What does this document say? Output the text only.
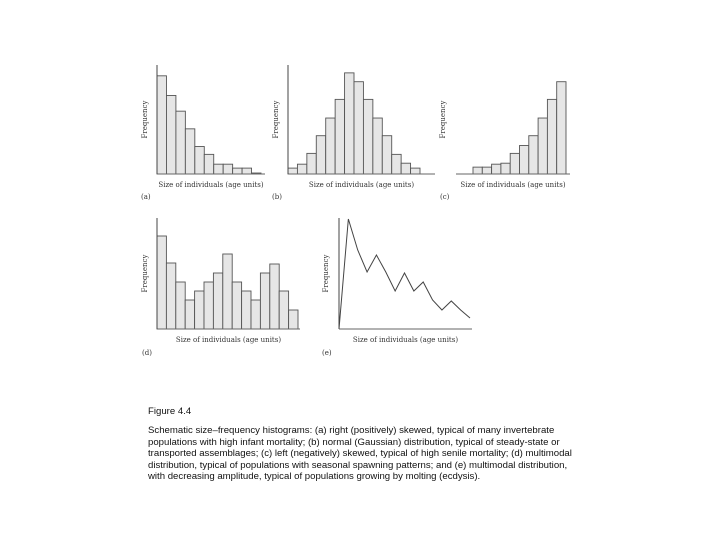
Size of individuals (age units)
Frequency
(a)
Size of individuals (age units)
Frequency
(b)
Size of individuals (age units)
Frequency
(c)
Size of individuals (age units)
Frequency
(d)
Size of individuals (age units)
Frequency
(e)
Figure 4.4
Schematic size–frequency histograms: (a) right (positively) skewed, typical of many invertebrate populations with high infant mortality; (b) normal (Gaussian) distribution, typical of steady-state or transported assemblages; (c) left (negatively) skewed, typical of high senile mortality; (d) multimodal distribution, typical of populations with seasonal spawning patterns; and (e) multimodal distribution, with decreasing amplitude, typical of populations growing by molting (ecdysis).
